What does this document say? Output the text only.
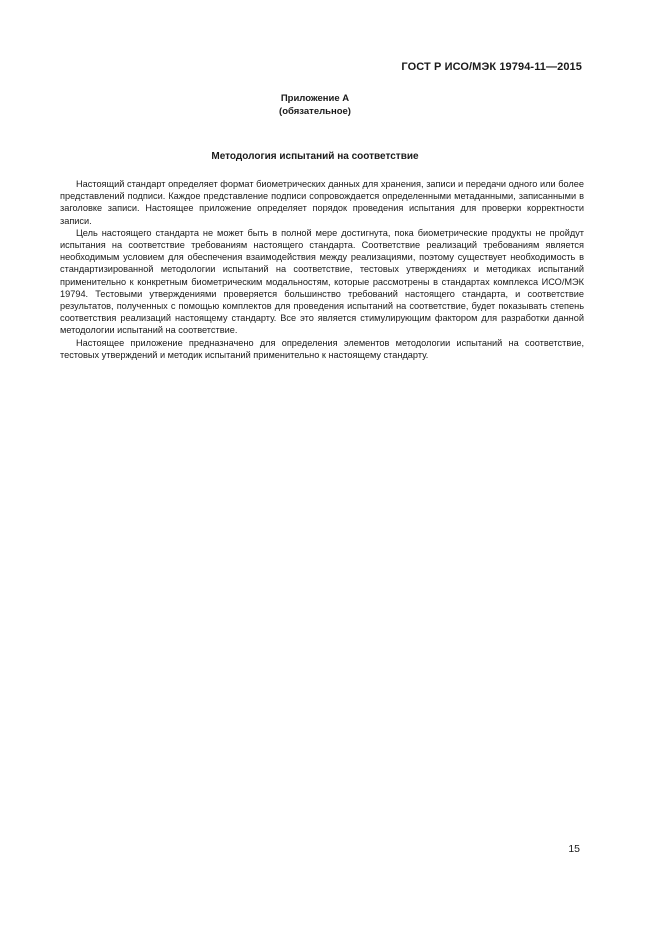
ГОСТ Р ИСО/МЭК 19794-11—2015
Приложение А
(обязательное)
Методология испытаний на соответствие

Настоящий стандарт определяет формат биометрических данных для хранения, записи и передачи одного или более представлений подписи. Каждое представление подписи сопровождается определенными метаданными, записанными в заголовке записи. Настоящее приложение определяет порядок проведения испытания для проверки корректности записи.

Цель настоящего стандарта не может быть в полной мере достигнута, пока биометрические продукты не пройдут испытания на соответствие требованиям настоящего стандарта. Соответствие реализаций требованиям является необходимым условием для обеспечения взаимодействия между реализациями, поэтому существует необходимость в стандартизированной методологии испытаний на соответствие, тестовых утверждениях и методиках испытаний применительно к конкретным биометрическим модальностям, которые рассмотрены в стандартах комплекса ИСО/МЭК 19794. Тестовыми утверждениями проверяется большинство требований настоящего стандарта, и соответствие результатов, полученных с помощью комплектов для проведения испытаний на соответствие, будет показывать степень соответствия реализаций настоящему стандарту. Все это является стимулирующим фактором для разработки данной методологии испытаний на соответствие.

Настоящее приложение предназначено для определения элементов методологии испытаний на соответствие, тестовых утверждений и методик испытаний применительно к настоящему стандарту.

15
